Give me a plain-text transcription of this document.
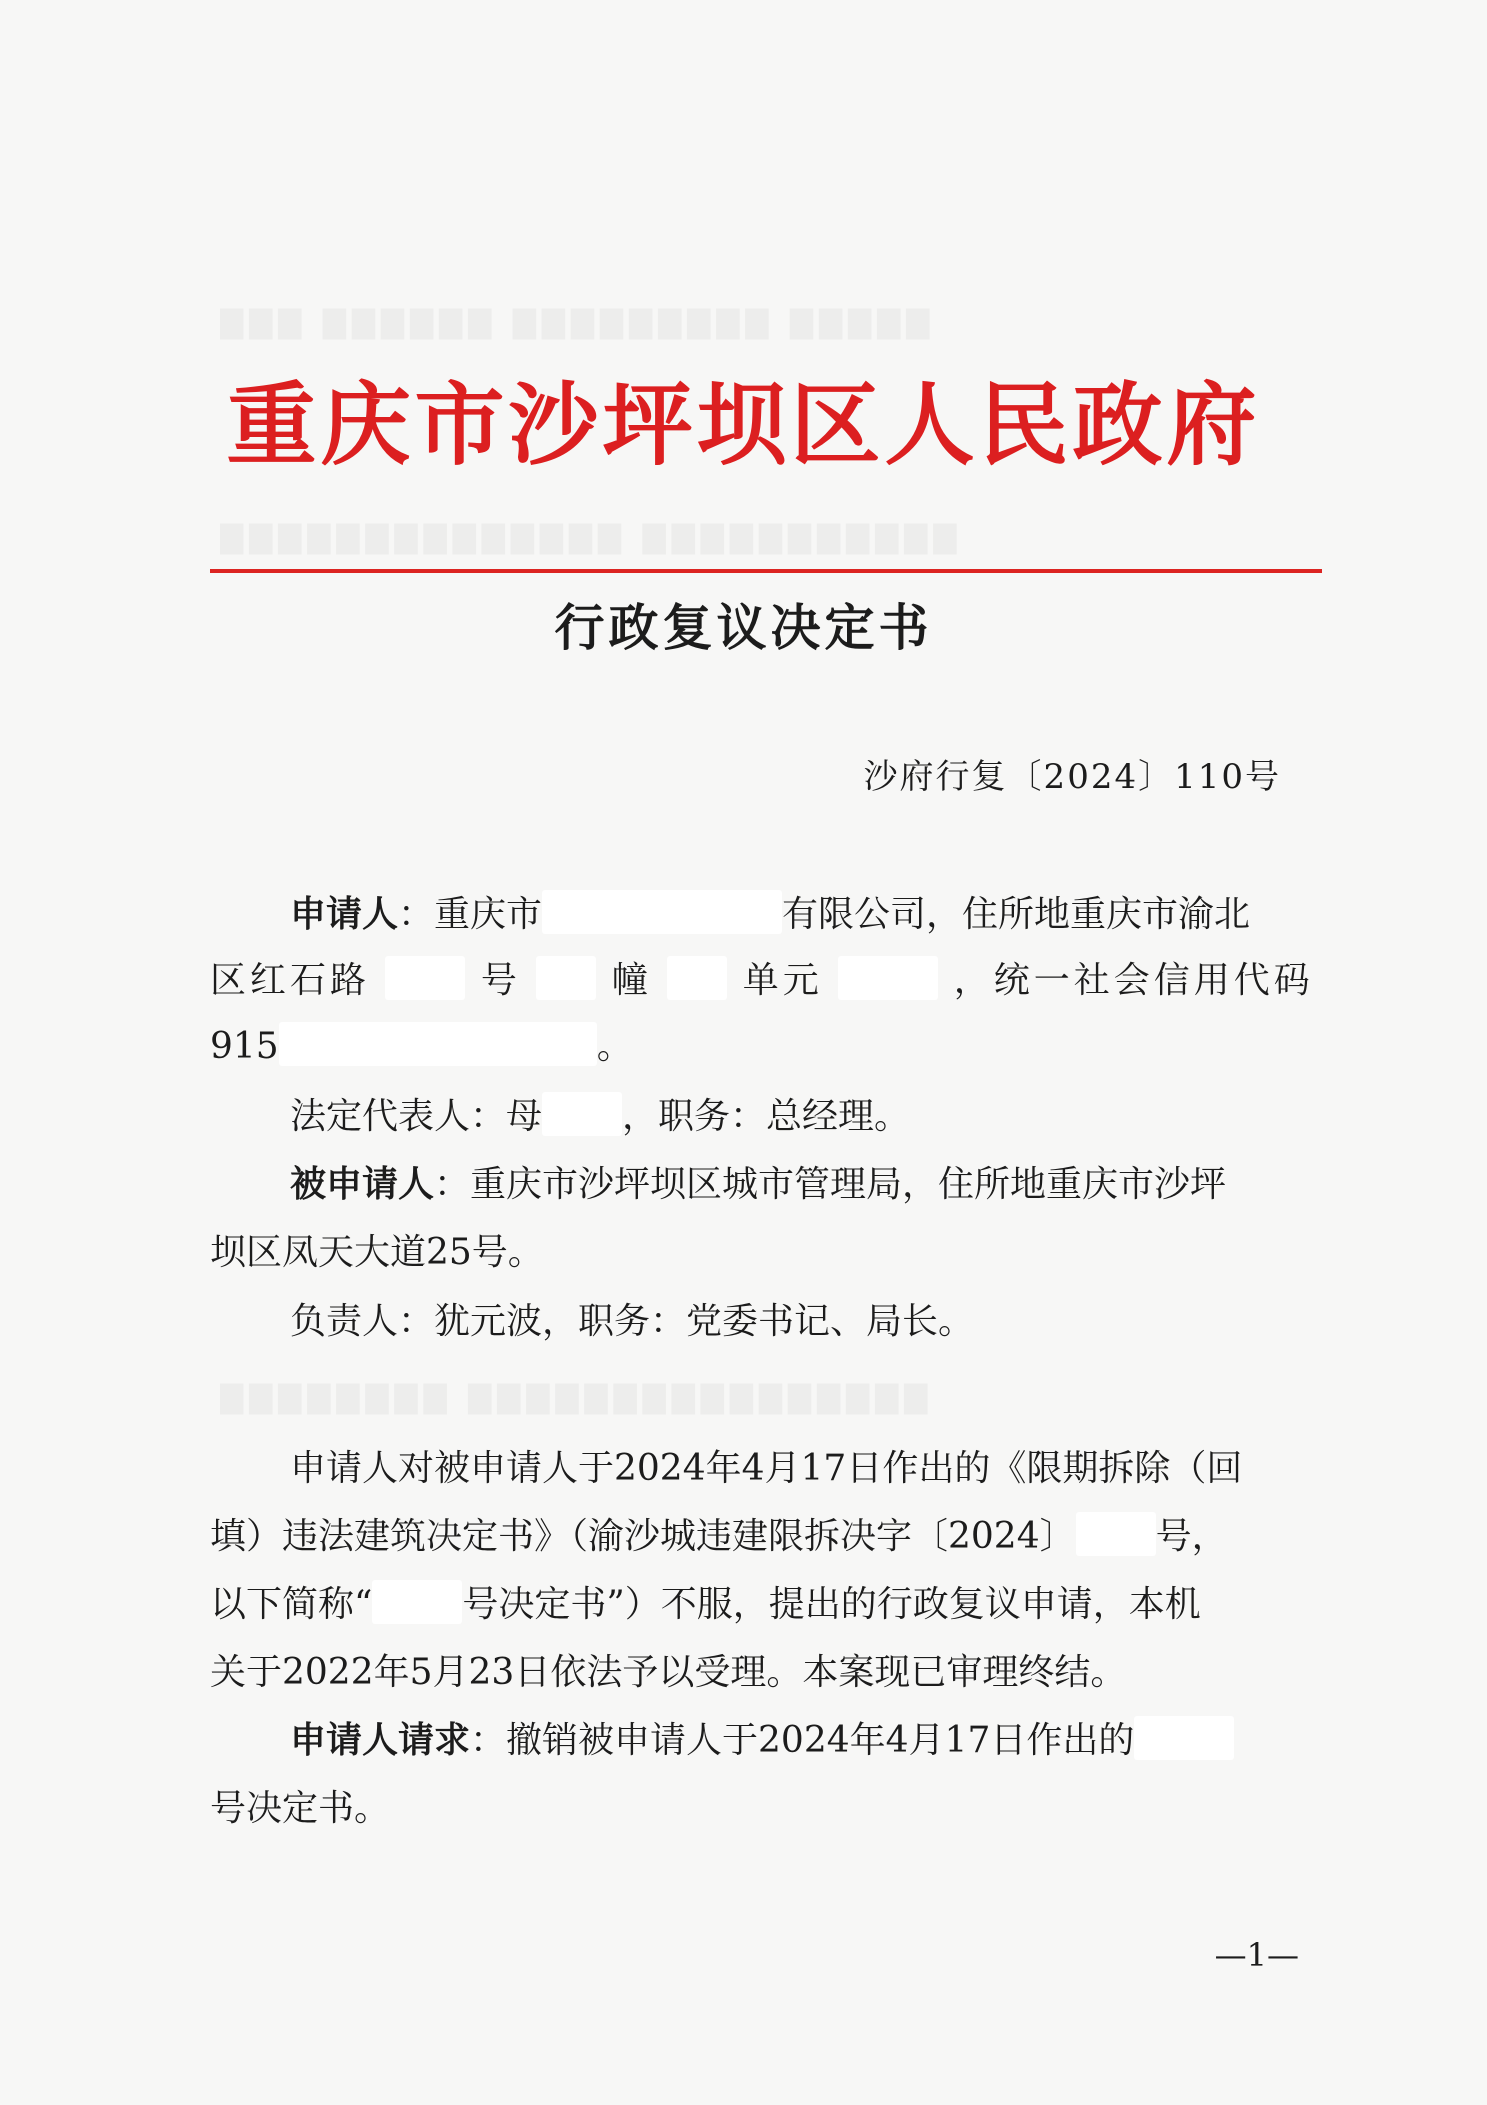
▇▇▇ ▇▇▇▇▇▇ ▇▇▇▇▇▇▇▇▇ ▇▇▇▇▇
▇▇▇▇▇▇▇▇▇▇▇▇▇▇ ▇▇▇▇▇▇▇▇▇▇▇
▇▇▇▇▇▇▇▇ ▇▇▇▇▇▇▇▇▇▇▇▇▇▇▇▇
重庆市沙坪坝区人民政府
行政复议决定书
沙府行复〔2024〕110号
申请人：重庆市	有限公司，住所地重庆市渝北
区红石路	号	幢	单元	，统一社会信用代码
915	。
法定代表人：母 ，职务：总经理。
被申请人：重庆市沙坪坝区城市管理局，住所地重庆市沙坪
坝区凤天大道25号。
负责人：犹元波，职务：党委书记、局长。
申请人对被申请人于2024年4月17日作出的《限期拆除（回
填）违法建筑决定书》（渝沙城违建限拆决字〔2024〕 号，
以下简称“	号决定书”）不服，提出的行政复议申请，本机
关于2022年5月23日依法予以受理。本案现已审理终结。
申请人请求：撤销被申请人于2024年4月17日作出的
号决定书。
—1—
